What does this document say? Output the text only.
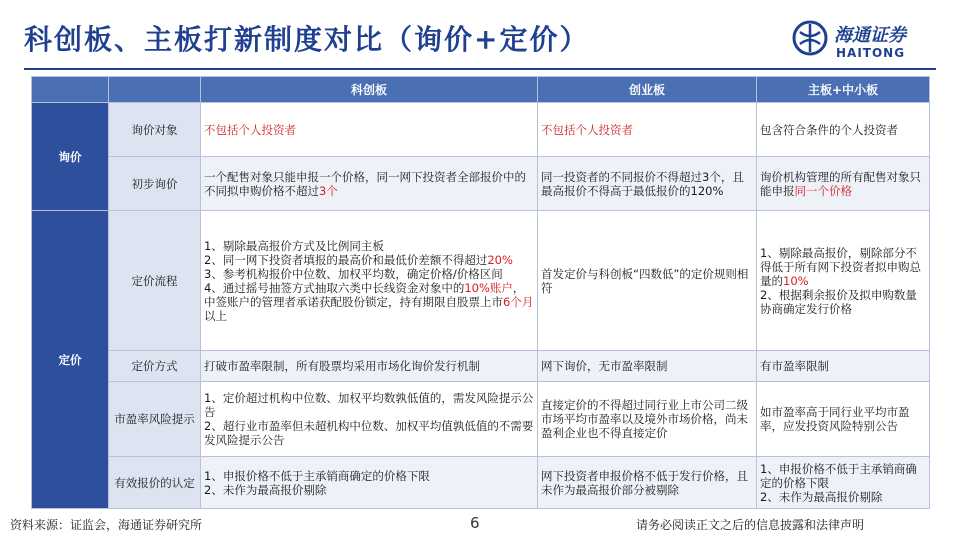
科创板、主板打新制度对比（询价+定价）	海通证券
HAITONG
		科创板	创业板	主板+中小板
询价	询价对象	不包括个人投资者	不包括个人投资者	包含符合条件的个人投资者
	初步询价	一个配售对象只能申报一个价格，同一网下投资者全部报价中的不同拟申购价格不超过3个	同一投资者的不同报价不得超过3个，且最高报价不得高于最低报价的120%	询价机构管理的所有配售对象只能申报同一个价格
定价	定价流程	1、剔除最高报价方式及比例同主板
2、同一网下投资者填报的最高价和最低价差额不得超过20%
3、参考机构报价中位数、加权平均数，确定价格/价格区间
4、通过摇号抽签方式抽取六类中长线资金对象中的10%账户，中签账户的管理者承诺获配股份锁定，持有期限自股票上市6个月以上	首发定价与科创板“四数低”的定价规则相符	1、剔除最高报价，剔除部分不得低于所有网下投资者拟申购总量的10%
2、根据剩余报价及拟申购数量协商确定发行价格
	定价方式	打破市盈率限制，所有股票均采用市场化询价发行机制	网下询价，无市盈率限制	有市盈率限制
	市盈率风险提示	1、定价超过机构中位数、加权平均数孰低值的，需发风险提示公告
2、超行业市盈率但未超机构中位数、加权平均值孰低值的不需要发风险提示公告	直接定价的不得超过同行业上市公司二级市场平均市盈率以及境外市场价格，尚未盈利企业也不得直接定价	如市盈率高于同行业平均市盈率，应发投资风险特别公告
	有效报价的认定	1、申报价格不低于主承销商确定的价格下限
2、未作为最高报价剔除	网下投资者申报价格不低于发行价格，且未作为最高报价部分被剔除	1、申报价格不低于主承销商确定的价格下限
2、未作为最高报价剔除
资料来源：证监会，海通证券研究所	6	请务必阅读正文之后的信息披露和法律声明
